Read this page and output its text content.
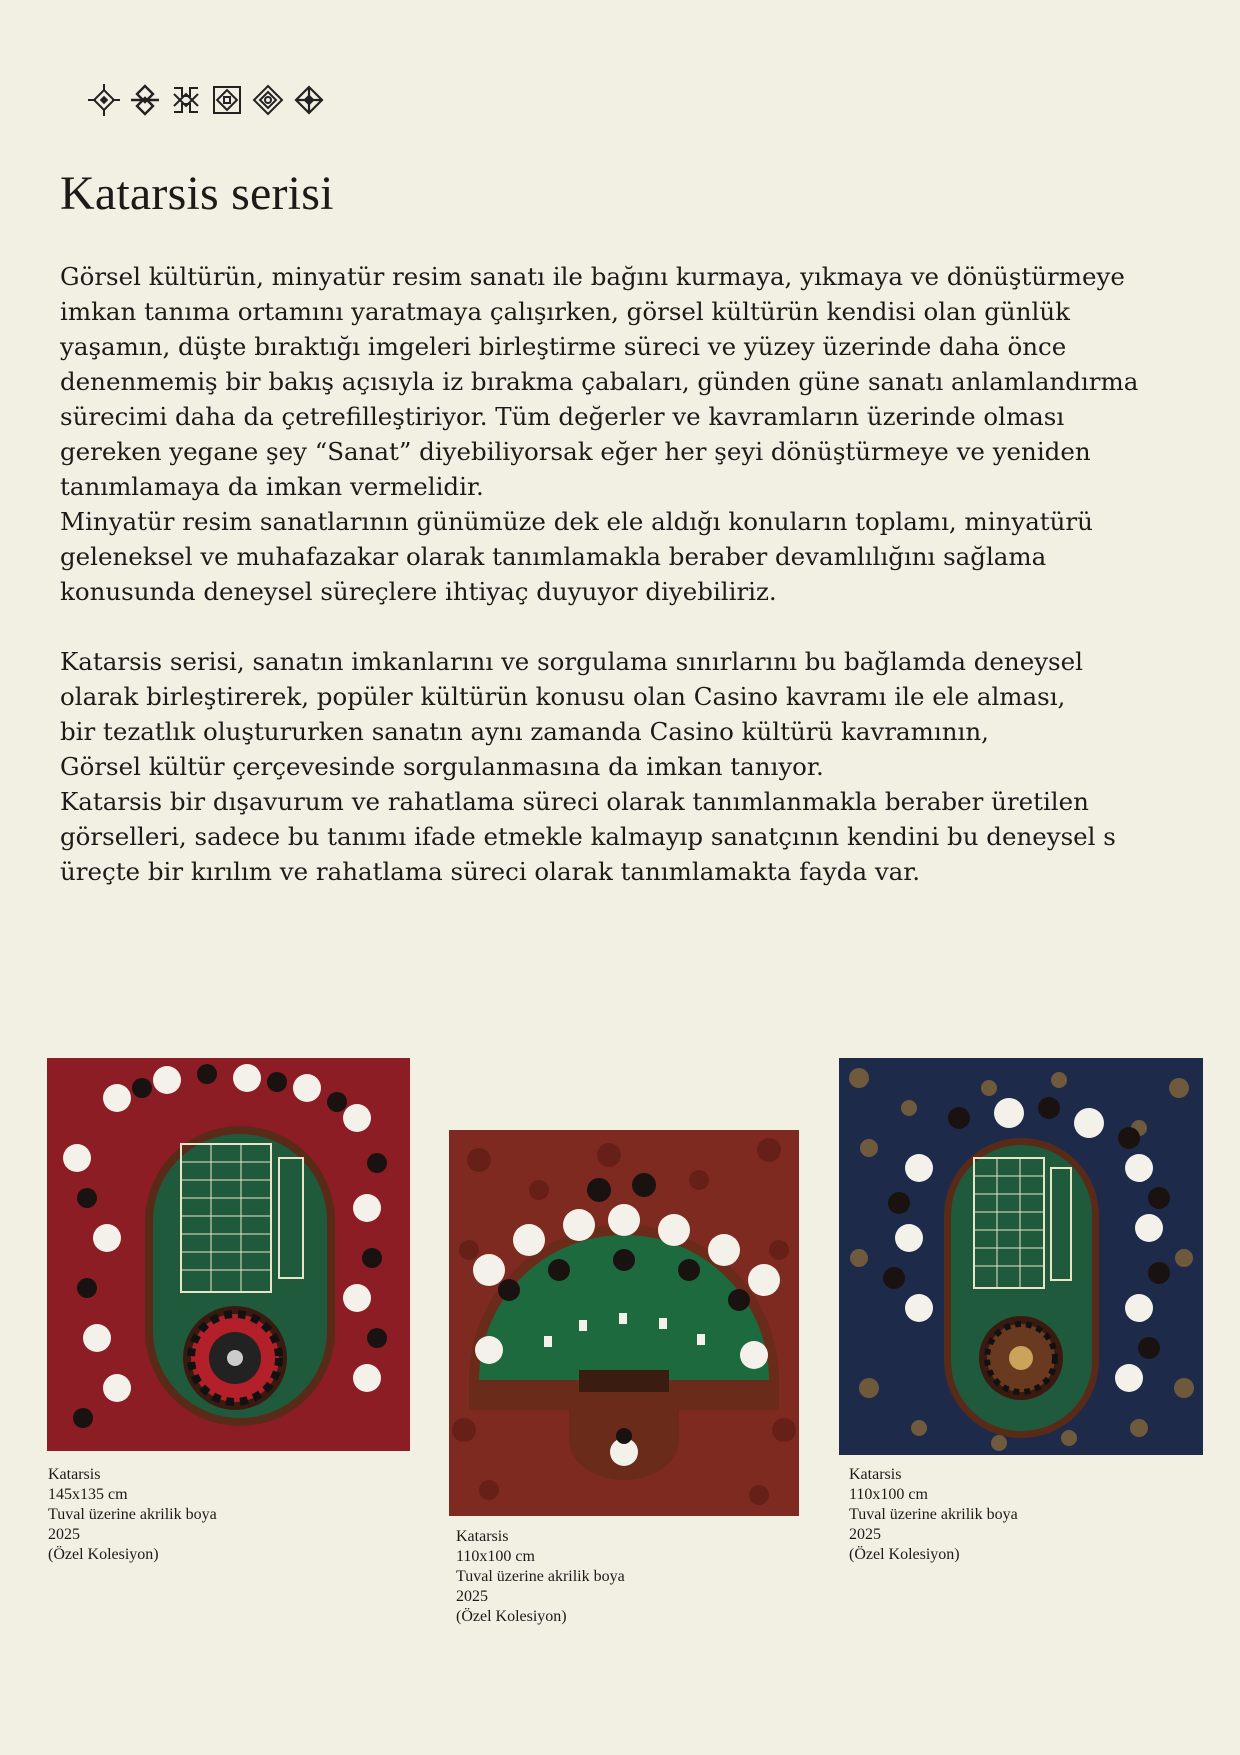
Katarsis serisi

Görsel kültürün, minyatür resim sanatı ile bağını kurmaya, yıkmaya ve dönüştürmeye

imkan tanıma ortamını yaratmaya çalışırken, görsel kültürün kendisi olan günlük

yaşamın, düşte bıraktığı imgeleri birleştirme süreci ve yüzey üzerinde daha önce

denenmemiş bir bakış açısıyla iz bırakma çabaları, günden güne sanatı anlamlandırma

sürecimi daha da çetrefilleştiriyor. Tüm değerler ve kavramların üzerinde olması

gereken yegane şey “Sanat” diyebiliyorsak eğer her şeyi dönüştürmeye ve yeniden

tanımlamaya da imkan vermelidir.

Minyatür resim sanatlarının günümüze dek ele aldığı konuların toplamı, minyatürü

geleneksel ve muhafazakar olarak tanımlamakla beraber devamlılığını sağlama

konusunda deneysel süreçlere ihtiyaç duyuyor diyebiliriz.

Katarsis serisi, sanatın imkanlarını ve sorgulama sınırlarını bu bağlamda deneysel

olarak birleştirerek, popüler kültürün konusu olan Casino kavramı ile ele alması,

bir tezatlık oluştururken sanatın aynı zamanda Casino kültürü kavramının,

Görsel kültür çerçevesinde sorgulanmasına da imkan tanıyor.

Katarsis bir dışavurum ve rahatlama süreci olarak tanımlanmakla beraber üretilen

görselleri, sadece bu tanımı ifade etmekle kalmayıp sanatçının kendini bu deneysel s

üreçte bir kırılım ve rahatlama süreci olarak tanımlamakta fayda var.

Katarsis
145x135 cm
Tuval üzerine akrilik boya
2025
(Özel Kolesiyon)
Katarsis
110x100 cm
Tuval üzerine akrilik boya
2025
(Özel Kolesiyon)
Katarsis
110x100 cm
Tuval üzerine akrilik boya
2025
(Özel Kolesiyon)
